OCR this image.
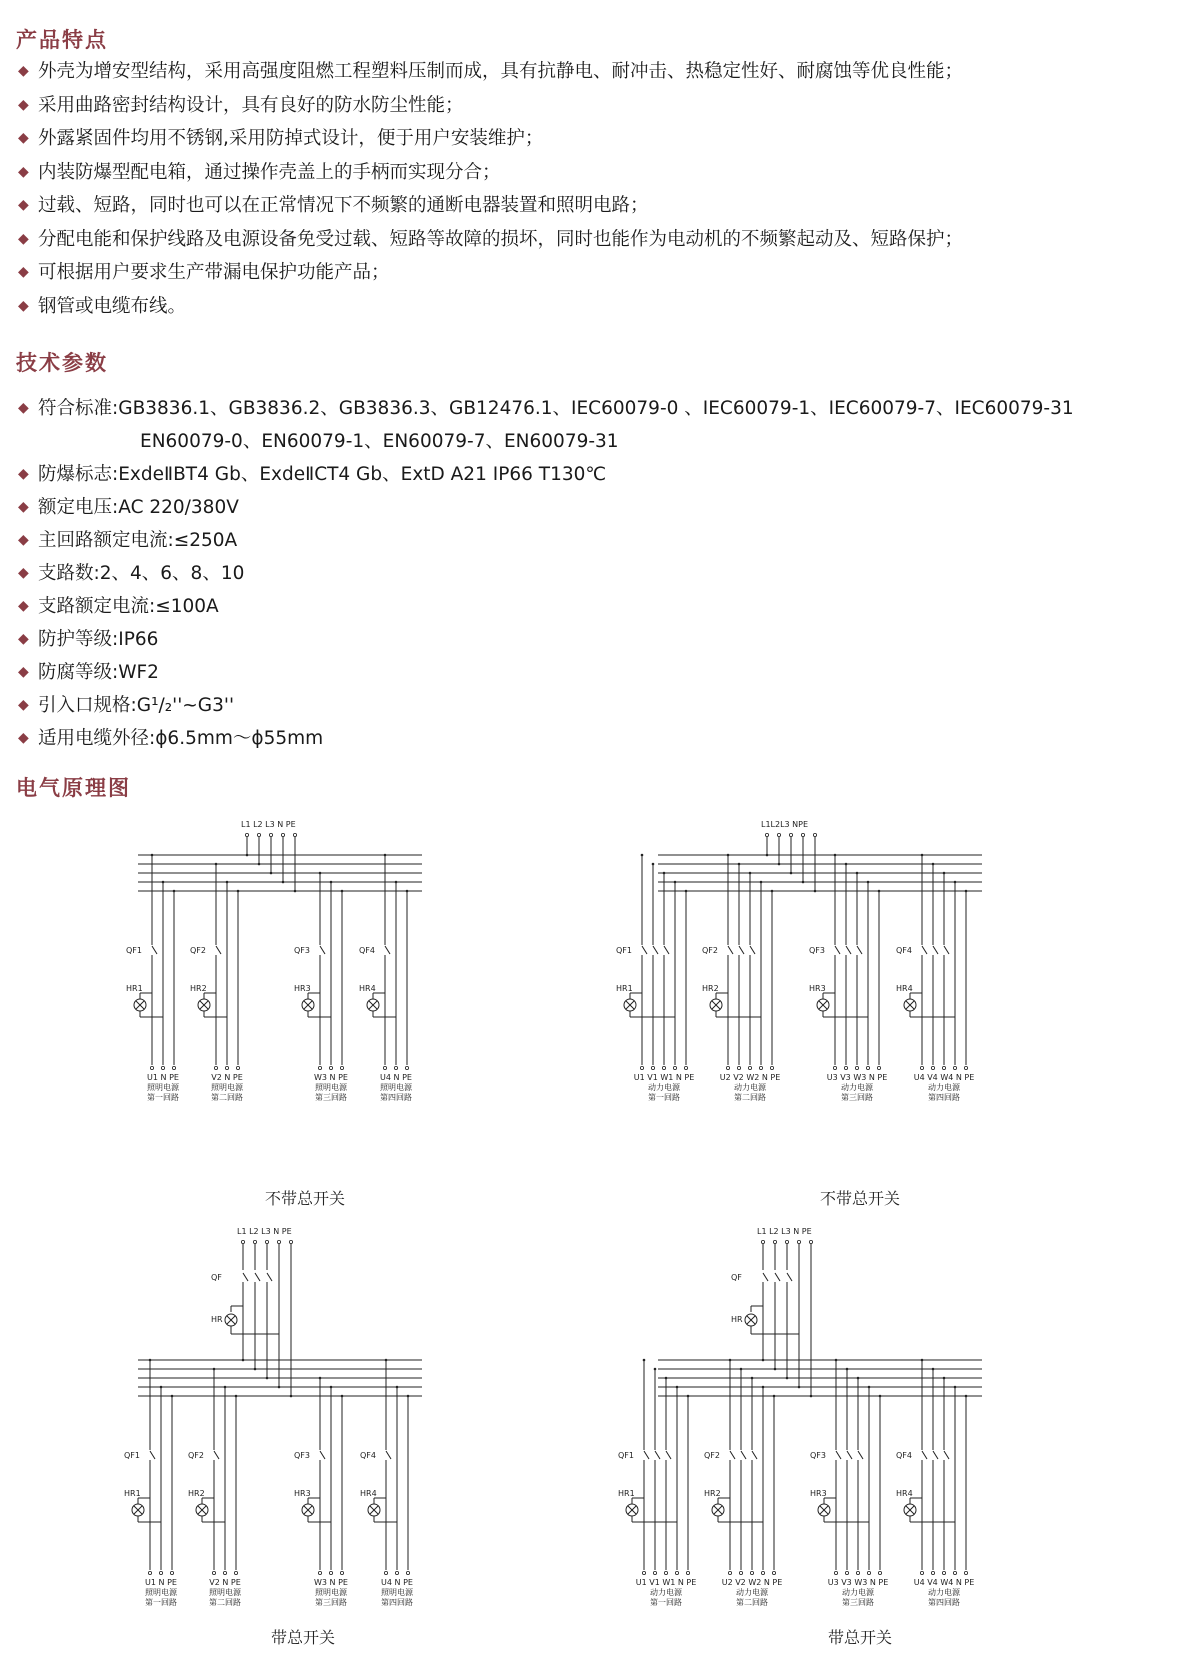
产品特点
◆ 外壳为增安型结构，采用高强度阻燃工程塑料压制而成，具有抗静电、耐冲击、热稳定性好、耐腐蚀等优良性能；
◆ 采用曲路密封结构设计，具有良好的防水防尘性能；
◆ 外露紧固件均用不锈钢,采用防掉式设计，便于用户安装维护；
◆ 内装防爆型配电箱，通过操作壳盖上的手柄而实现分合；
◆ 过载、短路，同时也可以在正常情况下不频繁的通断电器装置和照明电路；
◆ 分配电能和保护线路及电源设备免受过载、短路等故障的损坏，同时也能作为电动机的不频繁起动及、短路保护；
◆ 可根据用户要求生产带漏电保护功能产品；
◆ 钢管或电缆布线。
技术参数
◆ 符合标准:GB3836.1、GB3836.2、GB3836.3、GB12476.1、IEC60079-0 、IEC60079-1、IEC60079-7、IEC60079-31
EN60079-0、EN60079-1、EN60079-7、EN60079-31
◆ 防爆标志:ExdeⅡBT4 Gb、ExdeⅡCT4 Gb、ExtD A21 IP66 T130℃
◆ 额定电压:AC 220/380V
◆ 主回路额定电流:≤250A
◆ 支路数:2、4、6、8、10
◆ 支路额定电流:≤100A
◆ 防护等级:IP66
◆ 防腐等级:WF2
◆ 引入口规格:G¹/₂''~G3''
◆ 适用电缆外径:ϕ6.5mm～ϕ55mm
电气原理图
L1 L2 L3 N PE
QF1
HR1
U1 N PE
照明电源
第一回路
QF2
HR2
V2 N PE
照明电源
第二回路
QF3
HR3
W3 N PE
照明电源
第三回路
QF4
HR4
U4 N PE
照明电源
第四回路
L1L2L3 NPE
QF1
HR1
U1 V1 W1 N PE
动力电源
第一回路
QF2
HR2
U2 V2 W2 N PE
动力电源
第二回路
QF3
HR3
U3 V3 W3 N PE
动力电源
第三回路
QF4
HR4
U4 V4 W4 N PE
动力电源
第四回路
L1 L2 L3 N PE
QF
HR
QF1
HR1
U1 N PE
照明电源
第一回路
QF2
HR2
V2 N PE
照明电源
第二回路
QF3
HR3
W3 N PE
照明电源
第三回路
QF4
HR4
U4 N PE
照明电源
第四回路
L1 L2 L3 N PE
QF
HR
QF1
HR1
U1 V1 W1 N PE
动力电源
第一回路
QF2
HR2
U2 V2 W2 N PE
动力电源
第二回路
QF3
HR3
U3 V3 W3 N PE
动力电源
第三回路
QF4
HR4
U4 V4 W4 N PE
动力电源
第四回路
不带总开关	不带总开关
带总开关	带总开关
